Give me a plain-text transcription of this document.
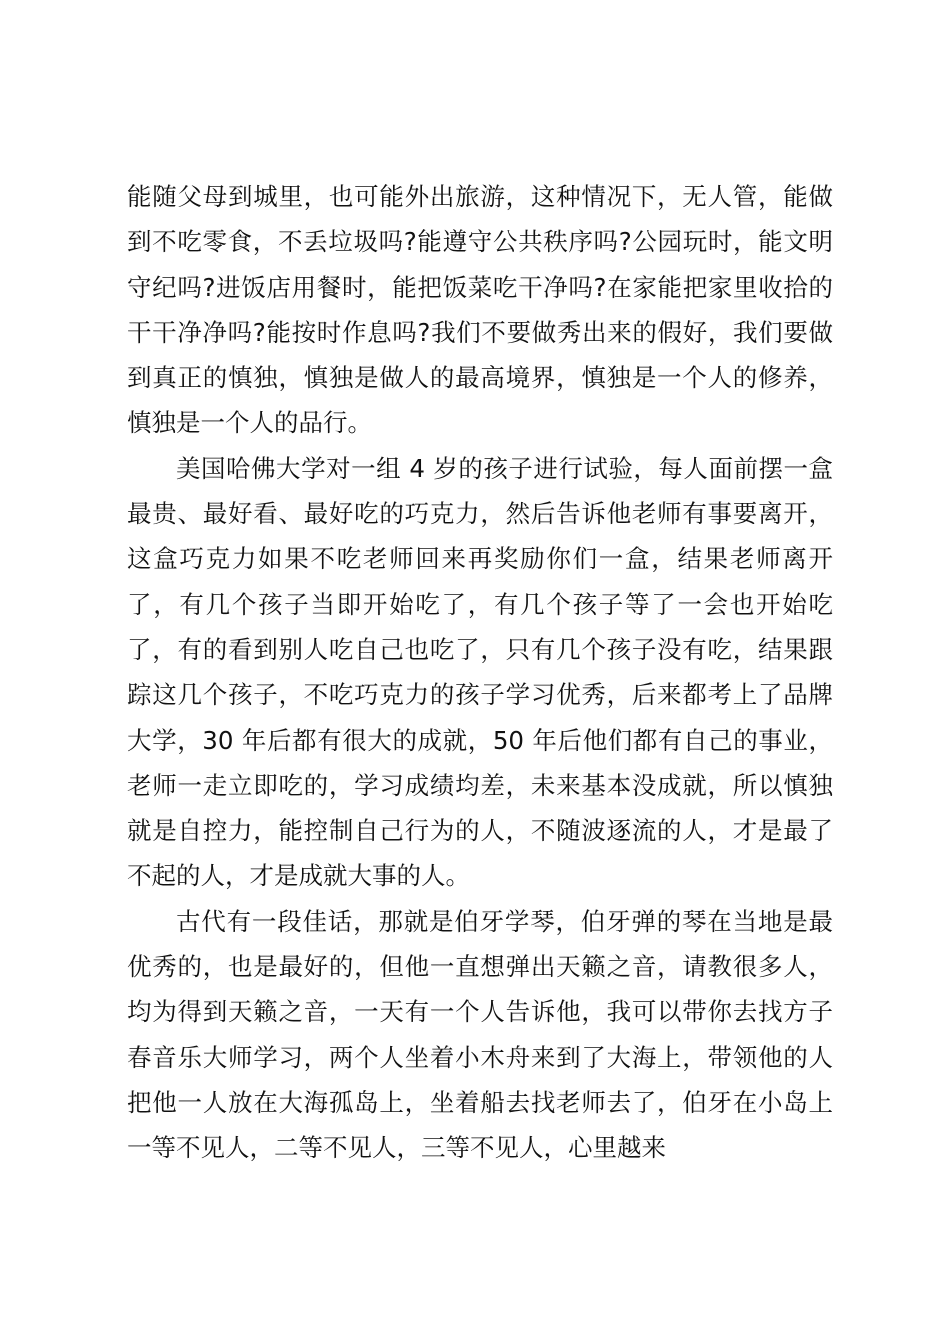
能随父母到城里，也可能外出旅游，这种情况下，无人管，能做到不吃零食，不丢垃圾吗?能遵守公共秩序吗?公园玩时，能文明守纪吗?进饭店用餐时，能把饭菜吃干净吗?在家能把家里收拾的干干净净吗?能按时作息吗?我们不要做秀出来的假好，我们要做到真正的慎独，慎独是做人的最高境界，慎独是一个人的修养，慎独是一个人的品行。

美国哈佛大学对一组 4 岁的孩子进行试验，每人面前摆一盒最贵、最好看、最好吃的巧克力，然后告诉他老师有事要离开，这盒巧克力如果不吃老师回来再奖励你们一盒，结果老师离开了，有几个孩子当即开始吃了，有几个孩子等了一会也开始吃了，有的看到别人吃自己也吃了，只有几个孩子没有吃，结果跟踪这几个孩子，不吃巧克力的孩子学习优秀，后来都考上了品牌大学，30 年后都有很大的成就，50 年后他们都有自己的事业，老师一走立即吃的，学习成绩均差，未来基本没成就，所以慎独就是自控力，能控制自己行为的人，不随波逐流的人，才是最了不起的人，才是成就大事的人。

古代有一段佳话，那就是伯牙学琴，伯牙弹的琴在当地是最优秀的，也是最好的，但他一直想弹出天籁之音，请教很多人，均为得到天籁之音，一天有一个人告诉他，我可以带你去找方子春音乐大师学习，两个人坐着小木舟来到了大海上，带领他的人把他一人放在大海孤岛上，坐着船去找老师去了，伯牙在小岛上一等不见人，二等不见人，三等不见人，心里越来
